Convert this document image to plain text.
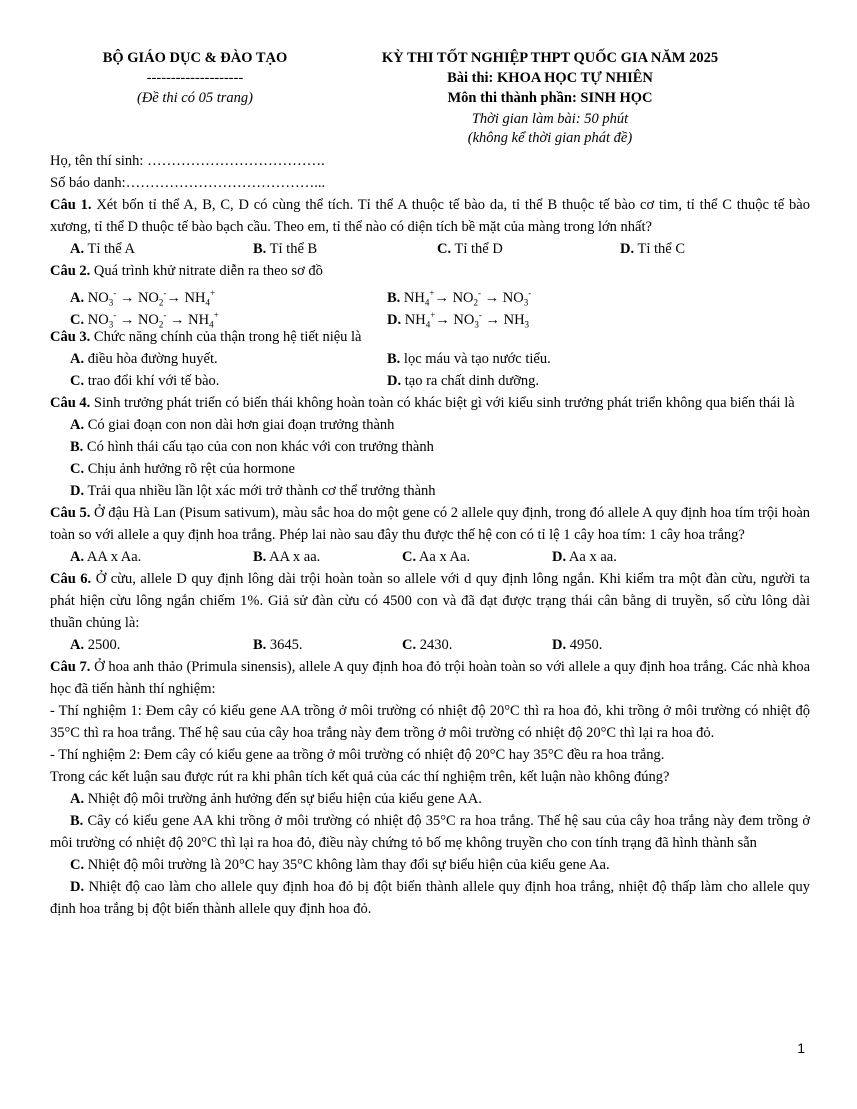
BỘ GIÁO DỤC & ĐÀO TẠO
--------------------
(Đề thi có 05 trang)
KỲ THI TỐT NGHIỆP THPT QUỐC GIA NĂM 2025
Bài thi: KHOA HỌC TỰ NHIÊN
Môn thi thành phần: SINH HỌC
Thời gian làm bài: 50 phút
(không kể thời gian phát đề)
Họ, tên thí sinh: ……………………………….
Số báo danh:…………………………………...

Câu 1. Xét bốn tỉ thể A, B, C, D có cùng thể tích. Tỉ thể A thuộc tế bào da, tỉ thể B thuộc tế bào cơ tim, tỉ thể C thuộc tế bào xương, tỉ thể D thuộc tế bào bạch cầu. Theo em, tỉ thể nào có diện tích bề mặt của màng trong lớn nhất?

A. Tỉ thể A	B. Tỉ thể B	C. Tỉ thể D	D. Tỉ thể C

Câu 2. Quá trình khử nitrate diễn ra theo sơ đồ

A. $NO_3^- \to NO_2^-\to NH_4^+$	B. $NH_4^+\to NO_2^- \to NO_3^-$
C. $NO_3^- \to NO_2^- \to NH_4^+$	D. $NH_4^+\to NO_3^- \to NH_3$

Câu 3. Chức năng chính của thận trong hệ tiết niệu là

A. điều hòa đường huyết.	B. lọc máu và tạo nước tiểu.
C. trao đổi khí với tế bào.	D. tạo ra chất dinh dưỡng.

Câu 4. Sinh trưởng phát triển có biến thái không hoàn toàn có khác biệt gì với kiểu sinh trưởng phát triển không qua biến thái là

A. Có giai đoạn con non dài hơn giai đoạn trưởng thành
B. Có hình thái cấu tạo của con non khác với con trưởng thành
C. Chịu ảnh hưởng rõ rệt của hormone
D. Trải qua nhiều lần lột xác mới trở thành cơ thể trưởng thành

Câu 5. Ở đậu Hà Lan (Pisum sativum), màu sắc hoa do một gene có 2 allele quy định, trong đó allele A quy định hoa tím trội hoàn toàn so với allele a quy định hoa trắng. Phép lai nào sau đây thu được thế hệ con có tỉ lệ 1 cây hoa tím: 1 cây hoa trắng?

A. AA x Aa.	B. AA x aa.	C. Aa x Aa.	D. Aa x aa.

Câu 6. Ở cừu, allele D quy định lông dài trội hoàn toàn so allele với d quy định lông ngắn. Khi kiểm tra một đàn cừu, người ta phát hiện cừu lông ngắn chiếm 1%. Giả sử đàn cừu có 4500 con và đã đạt được trạng thái cân bằng di truyền, số cừu lông dài thuần chủng là:

A. 2500.	B. 3645.	C. 2430.	D. 4950.

Câu 7. Ở hoa anh thảo (Primula sinensis), allele A quy định hoa đỏ trội hoàn toàn so với allele a quy định hoa trắng. Các nhà khoa học đã tiến hành thí nghiệm:

- Thí nghiệm 1: Đem cây có kiểu gene AA trồng ở môi trường có nhiệt độ 20°C thì ra hoa đỏ, khi trồng ở môi trường có nhiệt độ 35°C thì ra hoa trắng. Thế hệ sau của cây hoa trắng này đem trồng ở môi trường có nhiệt độ 20°C thì lại ra hoa đỏ.

- Thí nghiệm 2: Đem cây có kiểu gene aa trồng ở môi trường có nhiệt độ 20°C hay 35°C đều ra hoa trắng.

Trong các kết luận sau được rút ra khi phân tích kết quả của các thí nghiệm trên, kết luận nào không đúng?

A. Nhiệt độ môi trường ảnh hưởng đến sự biểu hiện của kiểu gene AA.

B. Cây có kiểu gene AA khi trồng ở môi trường có nhiệt độ 35°C ra hoa trắng. Thế hệ sau của cây hoa trắng này đem trồng ở môi trường có nhiệt độ 20°C thì lại ra hoa đỏ, điều này chứng tỏ bố mẹ không truyền cho con tính trạng đã hình thành sẵn

C. Nhiệt độ môi trường là 20°C hay 35°C không làm thay đổi sự biểu hiện của kiểu gene Aa.

D. Nhiệt độ cao làm cho allele quy định hoa đỏ bị đột biến thành allele quy định hoa trắng, nhiệt độ thấp làm cho allele quy định hoa trắng bị đột biến thành allele quy định hoa đỏ.

1
